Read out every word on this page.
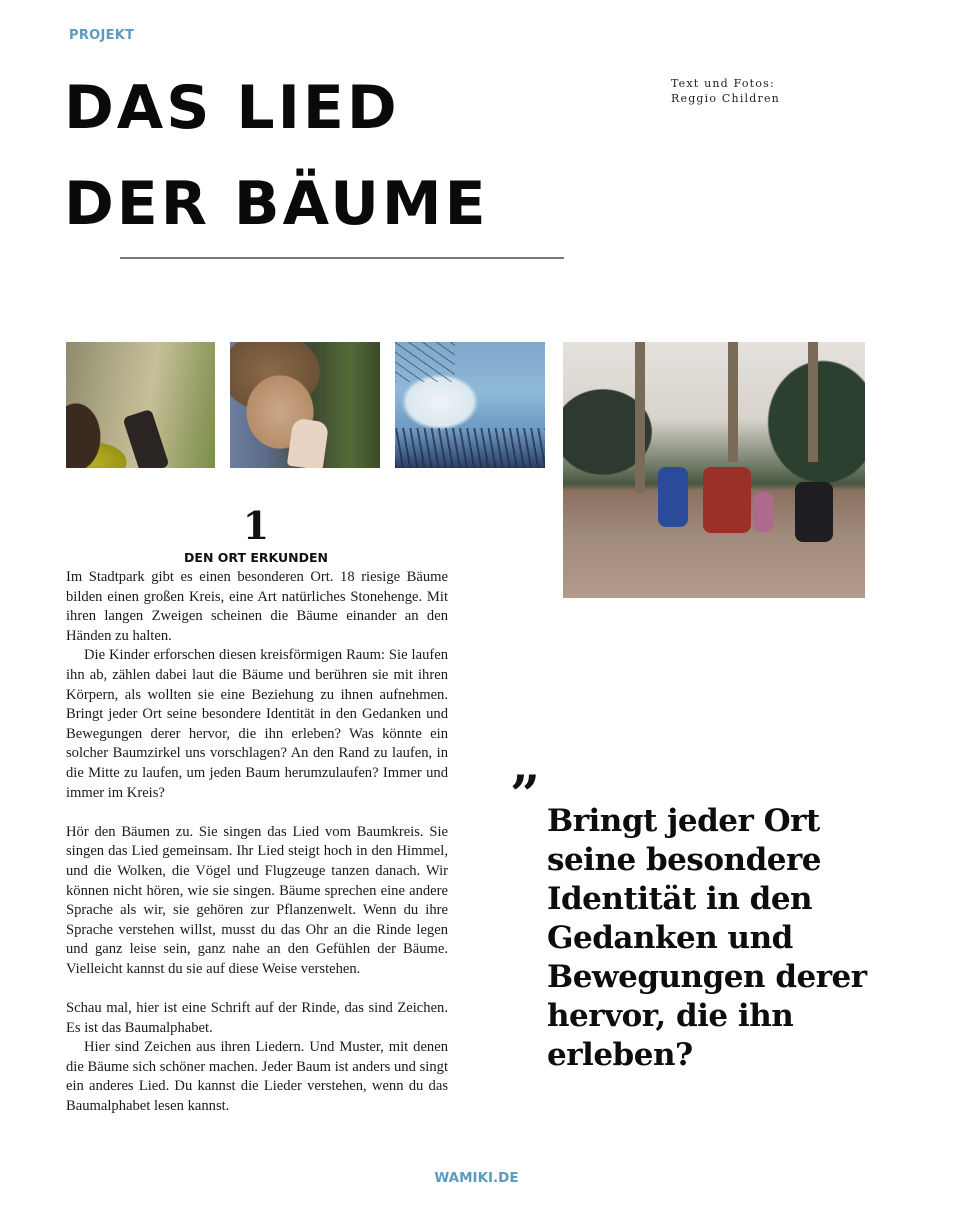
PROJEKT
DAS LIED
DER BÄUME
Text und Fotos:
Reggio Children
1
DEN ORT ERKUNDEN

Im Stadtpark gibt es einen besonderen Ort. 18 riesige Bäume bilden einen großen Kreis, eine Art natürliches Stonehenge. Mit ihren langen Zweigen scheinen die Bäume einander an den Händen zu halten.

Die Kinder erforschen diesen kreisförmigen Raum: Sie laufen ihn ab, zählen dabei laut die Bäume und berühren sie mit ihren Körpern, als wollten sie eine Beziehung zu ihnen aufnehmen. Bringt jeder Ort seine besondere Identität in den Gedanken und Bewegungen derer hervor, die ihn erleben? Was könnte ein solcher Baumzirkel uns vorschlagen? An den Rand zu laufen, in die Mitte zu laufen, um jeden Baum herumzulaufen? Immer und immer im Kreis?

Hör den Bäumen zu. Sie singen das Lied vom Baumkreis. Sie singen das Lied gemeinsam. Ihr Lied steigt hoch in den Himmel, und die Wolken, die Vögel und Flugzeuge tanzen danach. Wir können nicht hören, wie sie singen. Bäume sprechen eine andere Sprache als wir, sie gehören zur Pflanzenwelt. Wenn du ihre Sprache verstehen willst, musst du das Ohr an die Rinde legen und ganz leise sein, ganz nahe an den Gefühlen der Bäume. Vielleicht kannst du sie auf diese Weise verstehen.

Schau mal, hier ist eine Schrift auf der Rinde, das sind Zeichen. Es ist das Baumalphabet.

Hier sind Zeichen aus ihren Liedern. Und Muster, mit denen die Bäume sich schöner machen. Jeder Baum ist anders und singt ein anderes Lied. Du kannst die Lieder verstehen, wenn du das Baumalphabet lesen kannst.

” Bringt jeder Ort seine besondere Identität in den Gedanken und Bewegungen derer hervor, die ihn erleben?
WAMIKI.DE
